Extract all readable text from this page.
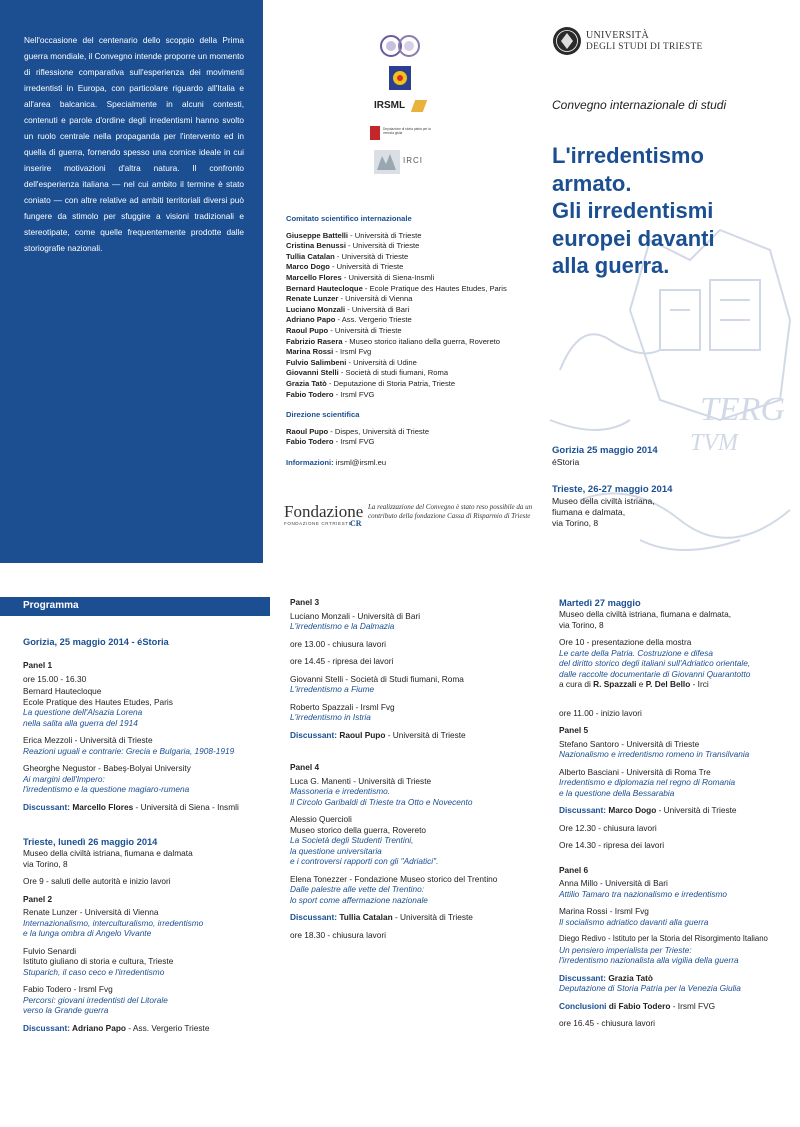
Nell'occasione del centenario dello scoppio della Prima guerra mondiale, il Convegno intende proporre un momento di riflessione comparativa sull'esperienza dei movimenti irredentisti in Europa, con particolare riguardo all'Italia e all'area balcanica. Specialmente in alcuni contesti, contenuti e parole d'ordine degli irredentismi hanno svolto un ruolo centrale nella propaganda per l'intervento ed in quella di guerra, fornendo spesso una cornice ideale in cui inserire motivazioni d'altra natura. Il confronto dell'esperienza italiana — nel cui ambito il termine è stato coniato — con altre relative ad ambiti territoriali diversi può fungere da stimolo per sfuggire a visioni tradizionali e stereotipate, come quelle frequentemente prodotte dalle storiografie nazionali.

IRSML
Deputazione di storia patria per la venezia giulia
IRCI
Comitato scientifico internazionale
Giuseppe Battelli - Università di Trieste
Cristina Benussi - Università di Trieste
Tullia Catalan - Università di Trieste
Marco Dogo - Università di Trieste
Marcello Flores - Università di Siena-Insmli
Bernard Hautecloque - Ecole Pratique des Hautes Etudes, Paris
Renate Lunzer - Università di Vienna
Luciano Monzali - Università di Bari
Adriano Papo - Ass. Vergerio Trieste
Raoul Pupo - Università di Trieste
Fabrizio Rasera - Museo storico italiano della guerra, Rovereto
Marina Rossi - Irsml Fvg
Fulvio Salimbeni - Università di Udine
Giovanni Stelli - Società di studi fiumani, Roma
Grazia Tatò - Deputazione di Storia Patria, Trieste
Fabio Todero - Irsml FVG
Direzione scientifica
Raoul Pupo - Dispes, Università di Trieste
Fabio Todero - Irsml FVG
Informazioni: irsml@irsml.eu
Fondazione
FONDAZIONE CRTRIESTE
CR
La realizzazione del Convegno è stato reso possibile da un contributo della fondazione Cassa di Risparmio di Trieste
UNIVERSITÀ
DEGLI STUDI DI TRIESTE
TERG
TVM
Convegno internazionale di studi
L'irredentismo
armato.
Gli irredentismi
europei davanti
alla guerra.
Gorizia 25 maggio 2014
éStoria
Trieste, 26-27 maggio 2014
Museo della civiltà istriana,
fiumana e dalmata,
via Torino, 8
Programma
Gorizia, 25 maggio 2014 - éStoria
Panel 1
ore 15.00 - 16.30
Bernard Hautecloque
Ecole Pratique des Hautes Etudes, Paris
La questione dell'Alsazia Lorena
nella salita alla guerra del 1914
Erica Mezzoli - Università di Trieste
Reazioni uguali e contrarie: Grecia e Bulgaria, 1908-1919
Gheorghe Negustor - Babeş-Bolyai University
Ai margini dell'Impero:
l'irredentismo e la questione magiaro-rumena
Discussant: Marcello Flores - Università di Siena - Insmli
Trieste, lunedì 26 maggio 2014
Museo della civiltà istriana, fiumana e dalmata
via Torino, 8
Ore 9 - saluti delle autorità e inizio lavori
Panel 2
Renate Lunzer - Università di Vienna
Internazionalismo, interculturalismo, irredentismo
e la lunga ombra di Angelo Vivante
Fulvio Senardi
Istituto giuliano di storia e cultura, Trieste
Stuparich, il caso ceco e l'irredentismo
Fabio Todero - Irsml Fvg
Percorsi: giovani irredentisti del Litorale
verso la Grande guerra
Discussant: Adriano Papo - Ass. Vergerio Trieste
Panel 3
Luciano Monzali - Università di Bari
L'irredentismo e la Dalmazia
ore 13.00 - chiusura lavori
ore 14.45 - ripresa dei lavori
Giovanni Stelli - Società di Studi fiumani, Roma
L'irredentismo a Fiume
Roberto Spazzali - Irsml Fvg
L'irredentismo in Istria
Discussant: Raoul Pupo - Università di Trieste
Panel 4
Luca G. Manenti - Università di Trieste
Massoneria e irredentismo.
Il Circolo Garibaldi di Trieste tra Otto e Novecento
Alessio Quercioli
Museo storico della guerra, Rovereto
La Società degli Studenti Trentini,
la questione universitaria
e i controversi rapporti con gli "Adriatici".
Elena Tonezzer - Fondazione Museo storico del Trentino
Dalle palestre alle vette del Trentino:
lo sport come affermazione nazionale
Discussant: Tullia Catalan - Università di Trieste
ore 18.30 - chiusura lavori
Martedì 27 maggio
Museo della civiltà istriana, fiumana e dalmata,
via Torino, 8
Ore 10 - presentazione della mostra
Le carte della Patria. Costruzione e difesa
del diritto storico degli italiani sull'Adriatico orientale,
dalle raccolte documentarie di Giovanni Quarantotto
a cura di R. Spazzali e P. Del Bello - Irci
ore 11.00 - inizio lavori
Panel 5
Stefano Santoro - Università di Trieste
Nazionalismo e irredentismo romeno in Transilvania
Alberto Basciani - Università di Roma Tre
Irredentismo e diplomazia nel regno di Romania
e la questione della Bessarabia
Discussant: Marco Dogo - Università di Trieste
Ore 12.30 - chiusura lavori
Ore 14.30 - ripresa dei lavori
Panel 6
Anna Millo - Università di Bari
Attilio Tamaro tra nazionalismo e irredentismo
Marina Rossi - Irsml Fvg
Il socialismo adriatico davanti alla guerra
Diego Redivo - Istituto per la Storia del Risorgimento Italiano
Un pensiero imperialista per Trieste:
l'irredentismo nazionalista alla vigilia della guerra
Discussant: Grazia Tatò
Deputazione di Storia Patria per la Venezia Giulia
Conclusioni di Fabio Todero - Irsml FVG
ore 16.45 - chiusura lavori
